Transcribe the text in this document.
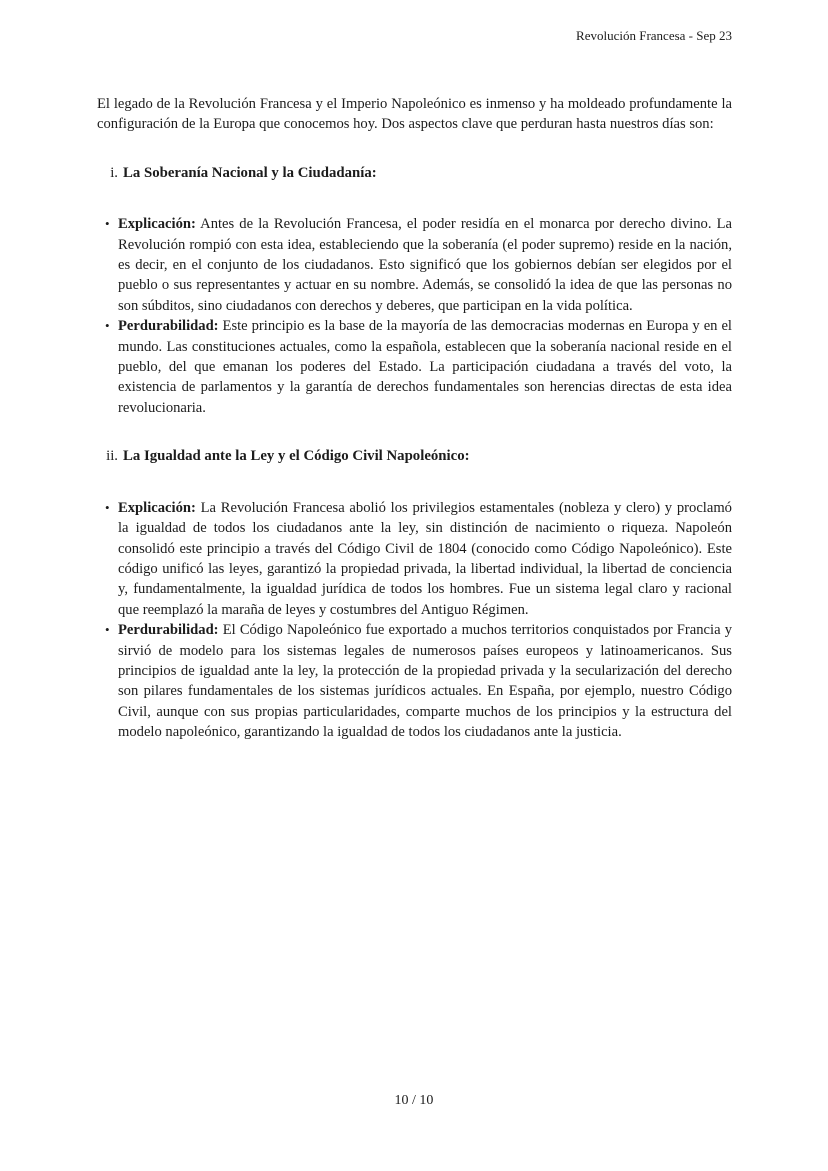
Revolución Francesa - Sep 23

El legado de la Revolución Francesa y el Imperio Napoleónico es inmenso y ha moldeado profundamente la configuración de la Europa que conocemos hoy. Dos aspectos clave que perduran hasta nuestros días son:

i. La Soberanía Nacional y la Ciudadanía:
• Explicación: Antes de la Revolución Francesa, el poder residía en el monarca por derecho divino. La Revolución rompió con esta idea, estableciendo que la soberanía (el poder supremo) reside en la nación, es decir, en el conjunto de los ciudadanos. Esto significó que los gobiernos debían ser elegidos por el pueblo o sus representantes y actuar en su nombre. Además, se consolidó la idea de que las personas no son súbditos, sino ciudadanos con derechos y deberes, que participan en la vida política.
• Perdurabilidad: Este principio es la base de la mayoría de las democracias modernas en Europa y en el mundo. Las constituciones actuales, como la española, establecen que la soberanía nacional reside en el pueblo, del que emanan los poderes del Estado. La participación ciudadana a través del voto, la existencia de parlamentos y la garantía de derechos fundamentales son herencias directas de esta idea revolucionaria.
ii. La Igualdad ante la Ley y el Código Civil Napoleónico:
• Explicación: La Revolución Francesa abolió los privilegios estamentales (nobleza y clero) y proclamó la igualdad de todos los ciudadanos ante la ley, sin distinción de nacimiento o riqueza. Napoleón consolidó este principio a través del Código Civil de 1804 (conocido como Código Napoleónico). Este código unificó las leyes, garantizó la propiedad privada, la libertad individual, la libertad de conciencia y, fundamentalmente, la igualdad jurídica de todos los hombres. Fue un sistema legal claro y racional que reemplazó la maraña de leyes y costumbres del Antiguo Régimen.
• Perdurabilidad: El Código Napoleónico fue exportado a muchos territorios conquistados por Francia y sirvió de modelo para los sistemas legales de numerosos países europeos y latinoamericanos. Sus principios de igualdad ante la ley, la protección de la propiedad privada y la secularización del derecho son pilares fundamentales de los sistemas jurídicos actuales. En España, por ejemplo, nuestro Código Civil, aunque con sus propias particularidades, comparte muchos de los principios y la estructura del modelo napoleónico, garantizando la igualdad de todos los ciudadanos ante la justicia.
10 / 10
